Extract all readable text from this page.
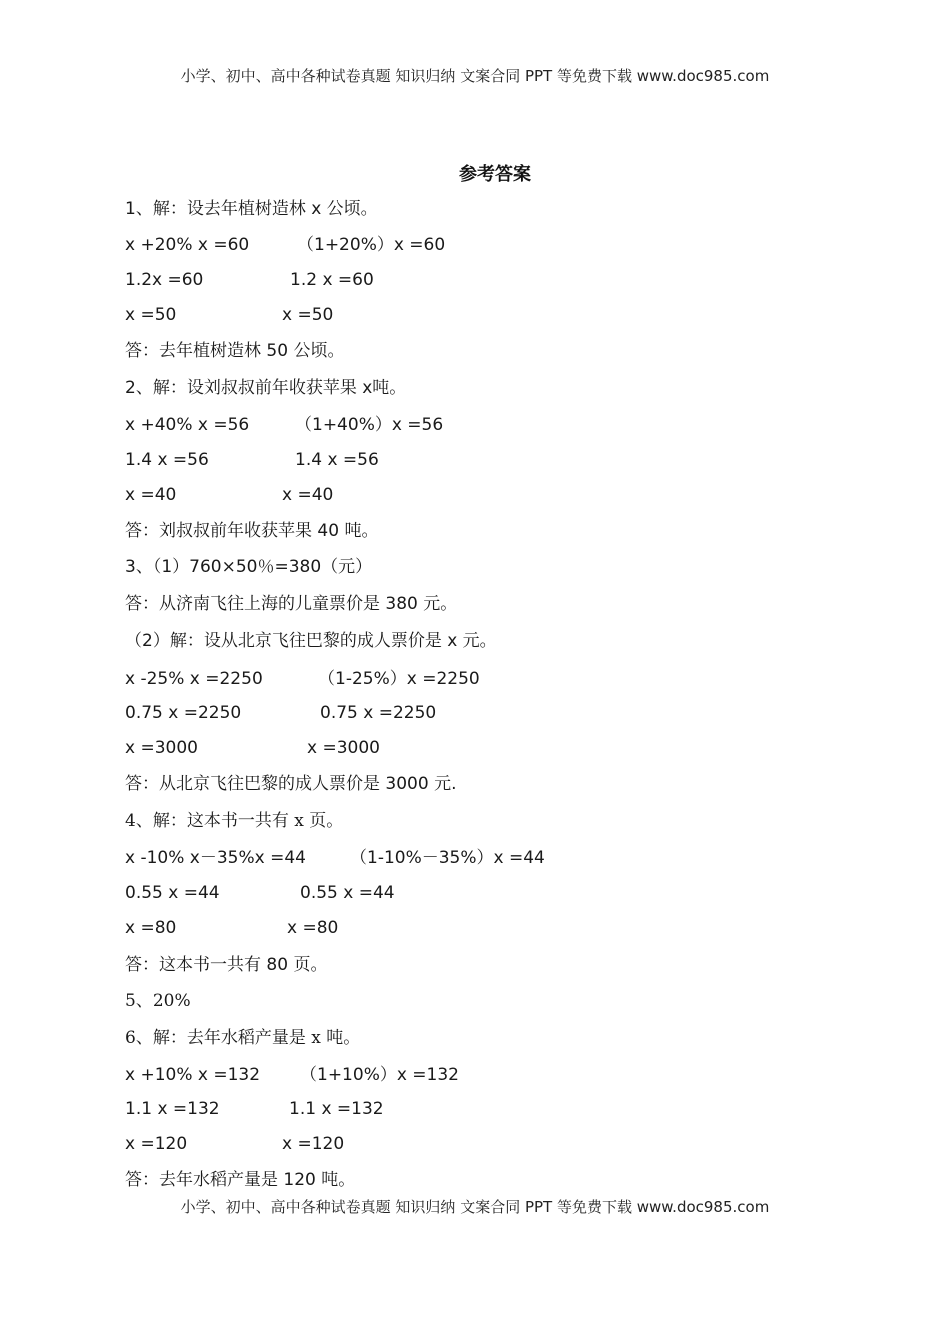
小学、初中、高中各种试卷真题 知识归纳 文案合同 PPT 等免费下载 www.doc985.com
参考答案
1、解：设去年植树造林 x 公顷。
x +20% x =60	（1+20%）x =60
1.2x =60	1.2 x =60
x =50	x =50
答：去年植树造林 50 公顷。
2、解：设刘叔叔前年收获苹果 x吨。
x +40% x =56	（1+40%）x =56
1.4 x =56	1.4 x =56
x =40	x =40
答：刘叔叔前年收获苹果 40 吨。
3、（1）760×50％=380（元）
答：从济南飞往上海的儿童票价是 380 元。
（2）解：设从北京飞往巴黎的成人票价是 x 元。
x -25% x =2250	（1-25%）x =2250
0.75 x =2250	0.75 x =2250
x =3000	x =3000
答：从北京飞往巴黎的成人票价是 3000 元.
4、解：这本书一共有 x 页。
x -10% x－35%x =44	（1-10%－35%）x =44
0.55 x =44	0.55 x =44
x =80	x =80
答：这本书一共有 80 页。
5、20%
6、解：去年水稻产量是 x 吨。
x +10% x =132 （1+10%）x =132
1.1 x =132	1.1 x =132
x =120	x =120
答：去年水稻产量是 120 吨。
小学、初中、高中各种试卷真题 知识归纳 文案合同 PPT 等免费下载 www.doc985.com
